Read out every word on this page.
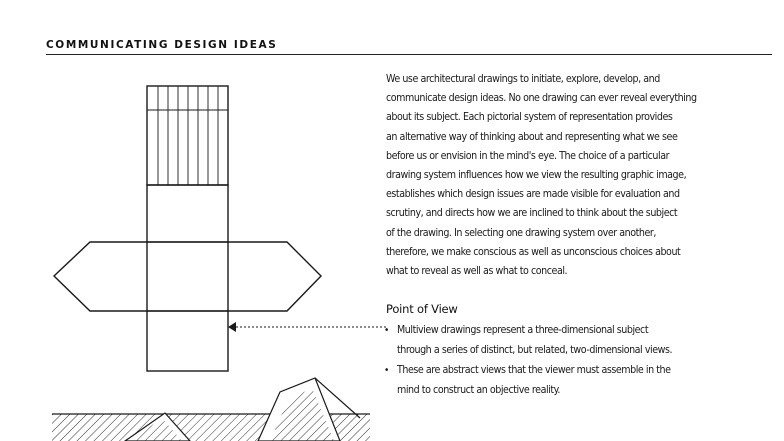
COMMUNICATING DESIGN IDEAS
We use architectural drawings to initiate, explore, develop, and
communicate design ideas. No one drawing can ever reveal everything
about its subject. Each pictorial system of representation provides
an alternative way of thinking about and representing what we see
before us or envision in the mind's eye. The choice of a particular
drawing system influences how we view the resulting graphic image,
establishes which design issues are made visible for evaluation and
scrutiny, and directs how we are inclined to think about the subject
of the drawing. In selecting one drawing system over another,
therefore, we make conscious as well as unconscious choices about
what to reveal as well as what to conceal.
Point of View
• Multiview drawings represent a three-dimensional subject
through a series of distinct, but related, two-dimensional views.
• These are abstract views that the viewer must assemble in the
mind to construct an objective reality.
